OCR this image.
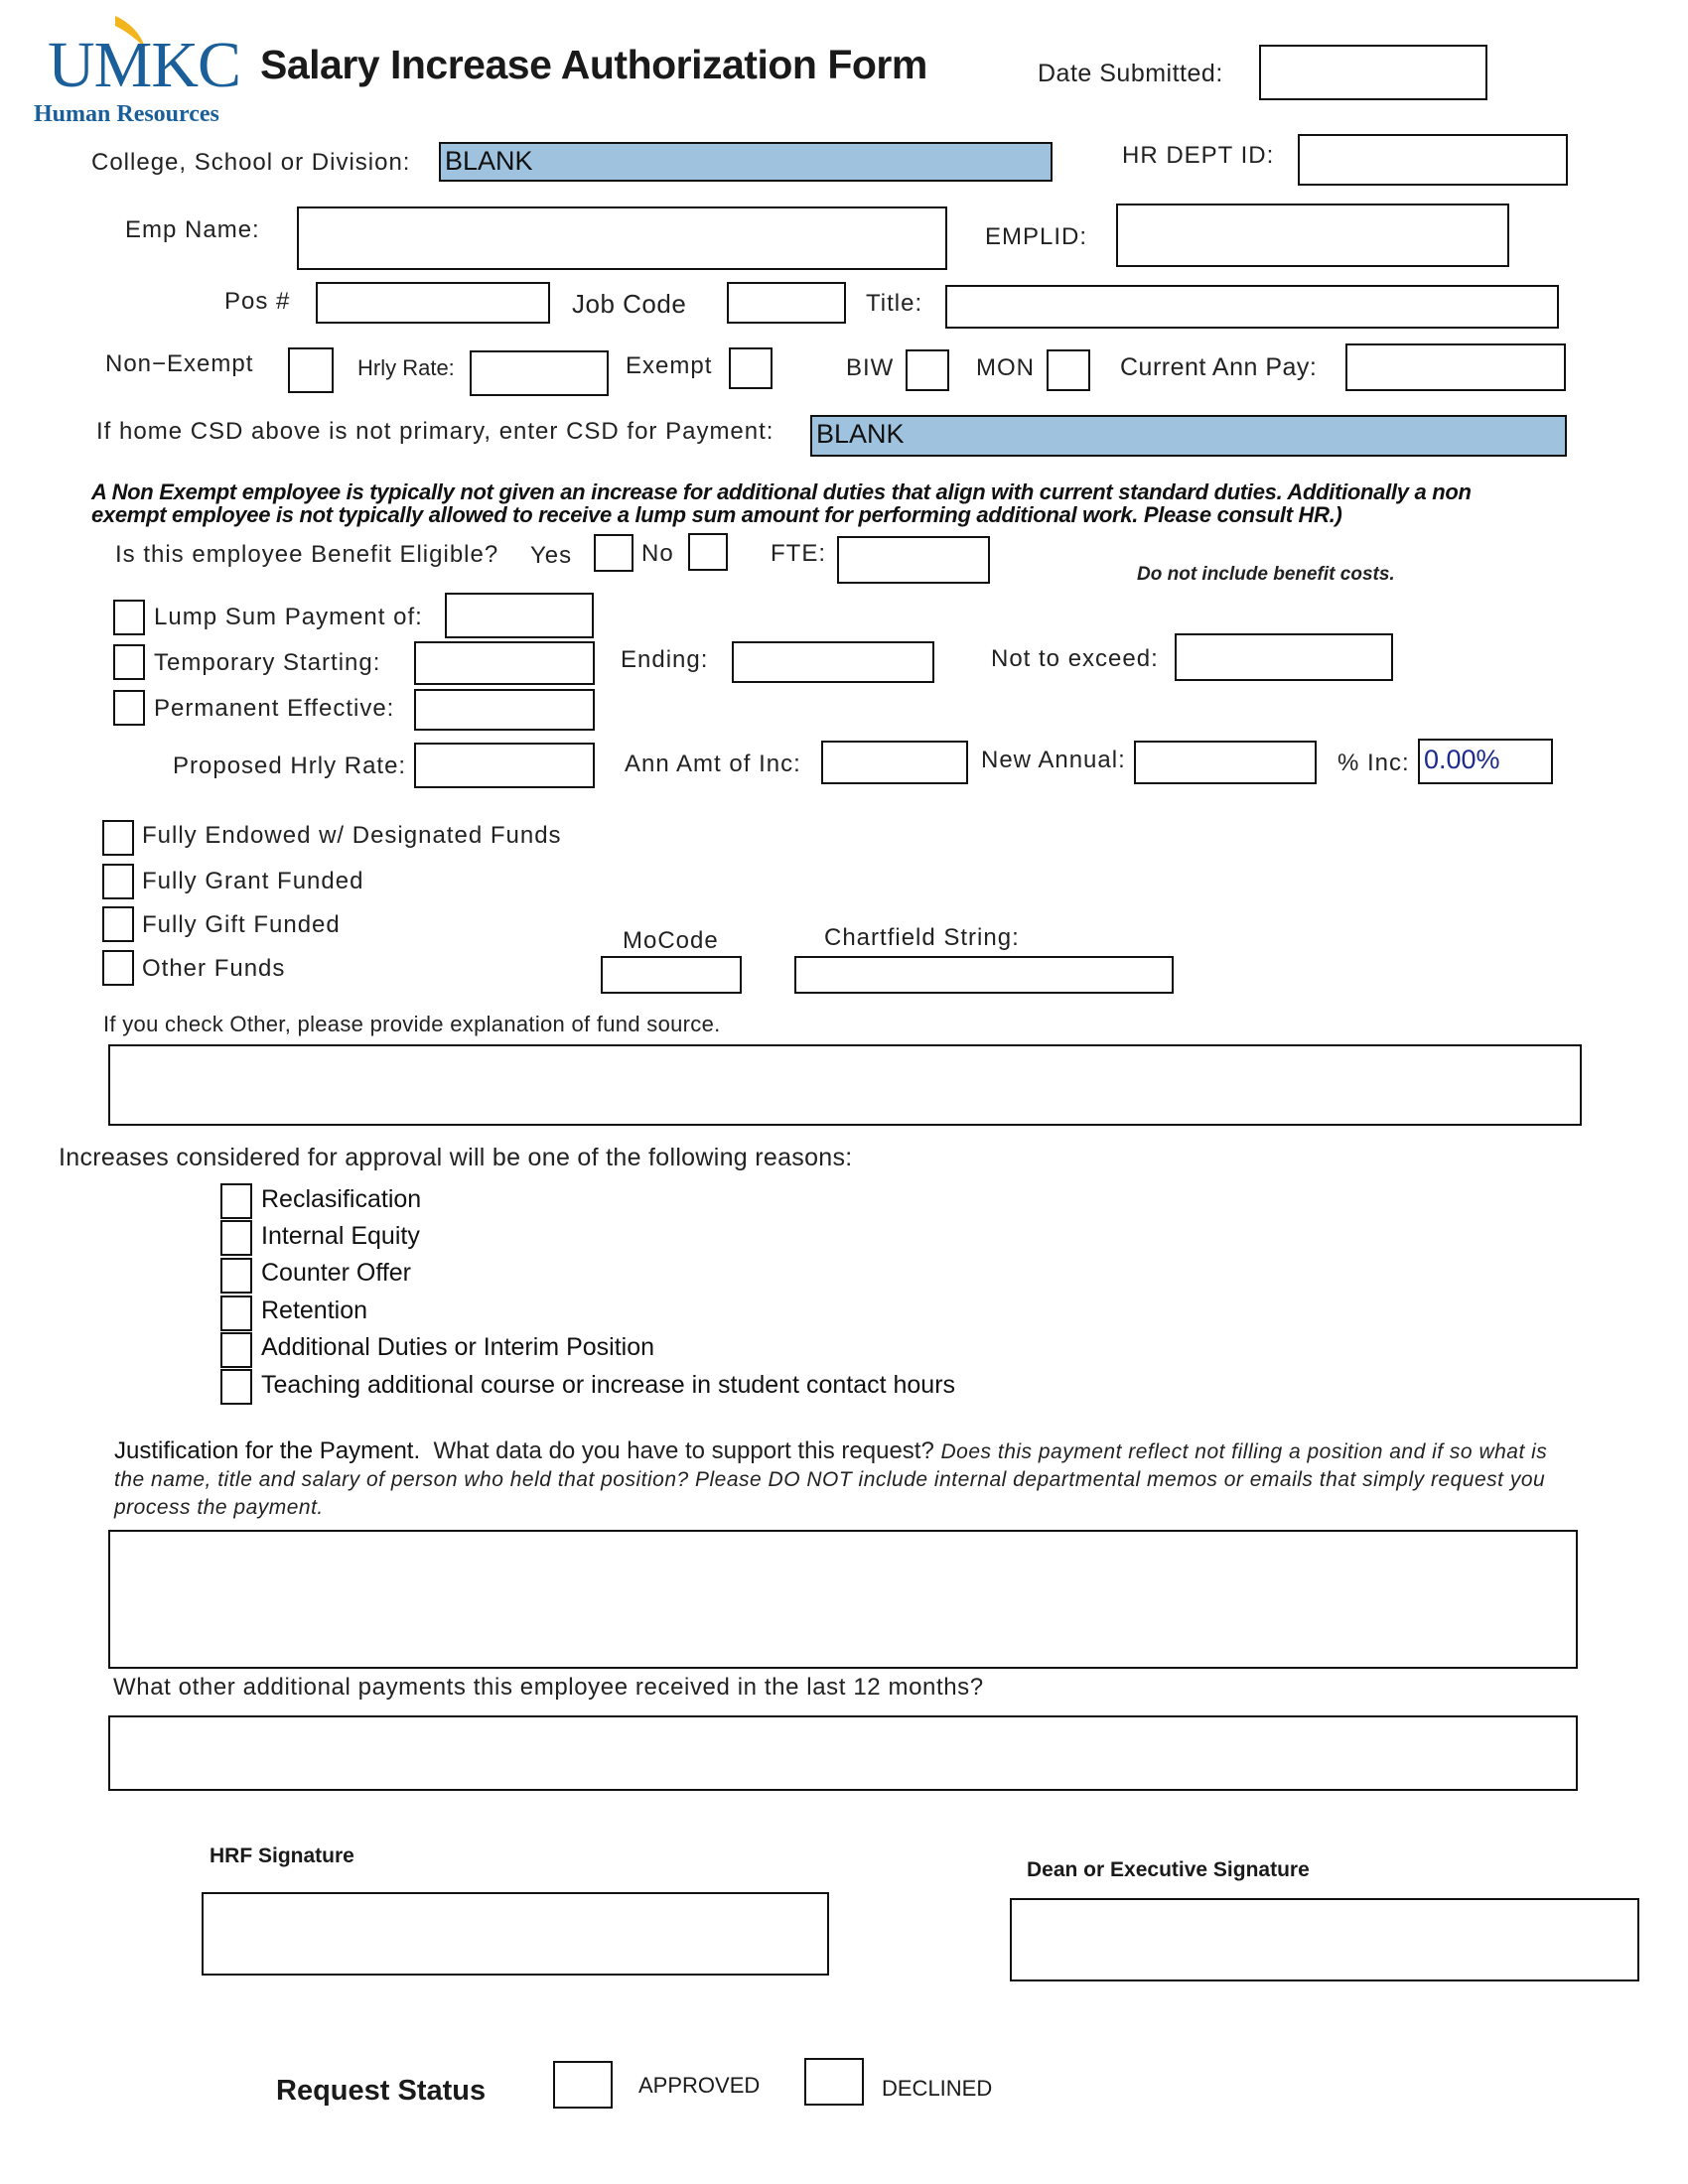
UMKC
Human Resources
Salary Increase Authorization Form	Date Submitted:
College, School or Division: BLANK	HR DEPT ID:
Emp Name:	EMPLID:
Pos #	Job Code	Title:
Non−Exempt	Hrly Rate:	Exempt	BIW	MON	Current Ann Pay:
If home CSD above is not primary, enter CSD for Payment: BLANK
A Non Exempt employee is typically not given an increase for additional duties that align with current standard duties. Additionally a non exempt employee is not typically allowed to receive a lump sum amount for performing additional work. Please consult HR.)
Is this employee Benefit Eligible? Yes	No	FTE:
Do not include benefit costs.
Lump Sum Payment of:
Temporary Starting:	Ending:	Not to exceed:
Permanent Effective:
Proposed Hrly Rate:	Ann Amt of Inc:	New Annual:	% Inc: 0.00%
Fully Endowed w/ Designated Funds
Fully Grant Funded
Fully Gift Funded
Other Funds
MoCode	Chartfield String:
If you check Other, please provide explanation of fund source.
Increases considered for approval will be one of the following reasons:
Reclasification
Internal Equity
Counter Offer
Retention
Additional Duties or Interim Position
Teaching additional course or increase in student contact hours
Justification for the Payment. What data do you have to support this request? Does this payment reflect not filling a position and if so what is the name, title and salary of person who held that position? Please DO NOT include internal departmental memos or emails that simply request you process the payment.
What other additional payments this employee received in the last 12 months?
HRF Signature
Dean or Executive Signature
Request Status	APPROVED	DECLINED
